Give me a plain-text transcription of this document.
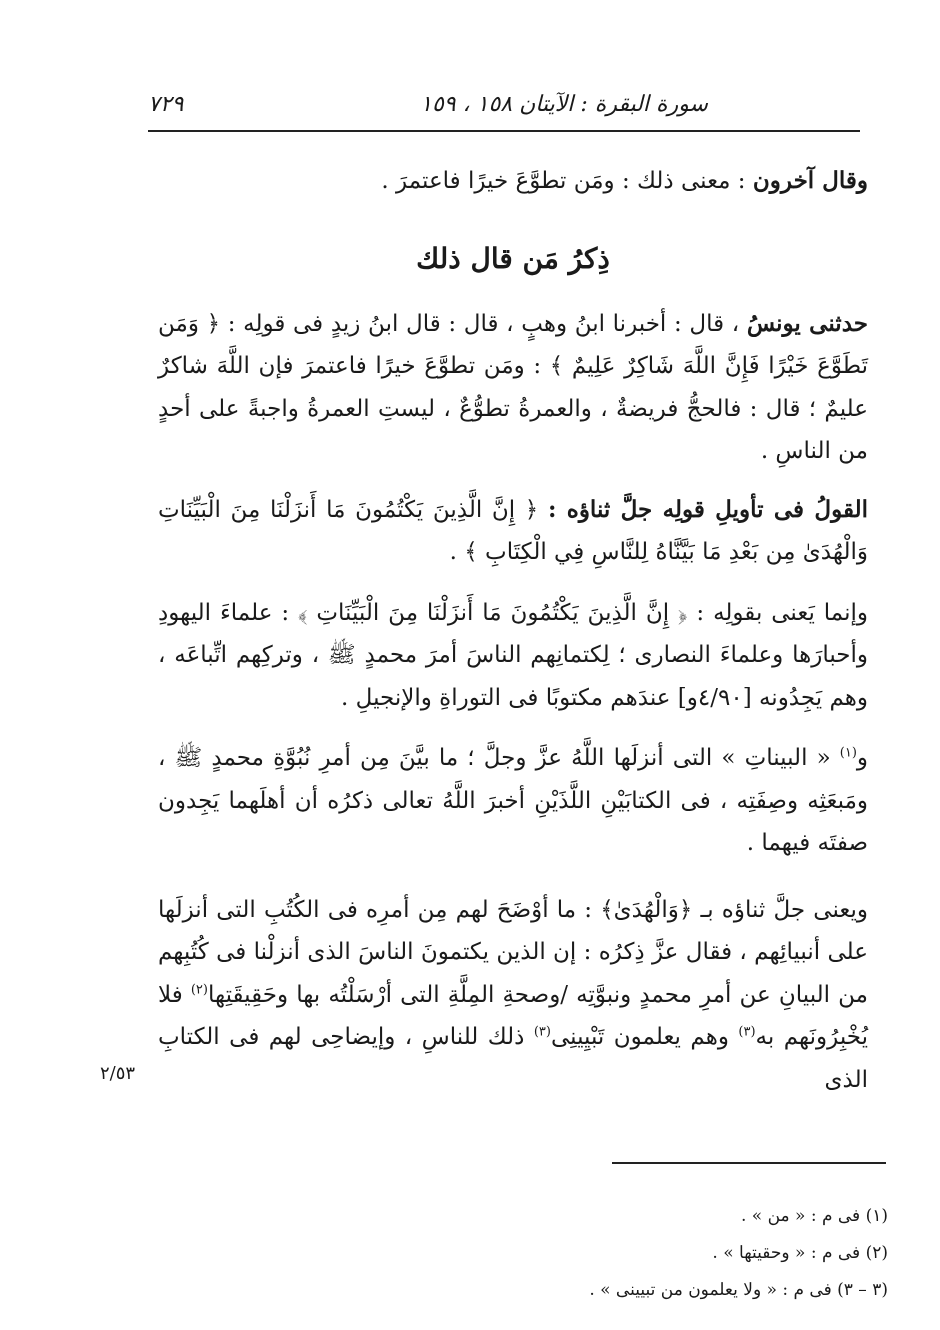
سورة البقرة : الآيتان ١٥٨ ، ١٥٩
٧٢٩

وقال آخرون : معنى ذلك : ومَن تطوَّعَ خيرًا فاعتمرَ .

ذِكرُ مَن قال ذلك

حدثنى يونسُ ، قال : أخبرنا ابنُ وهبٍ ، قال : قال ابنُ زيدٍ فى قولِه : ﴿ وَمَن تَطَوَّعَ خَيْرًا فَإِنَّ اللَّهَ شَاكِرٌ عَلِيمٌ ﴾ : ومَن تطوَّعَ خيرًا فاعتمرَ فإن اللَّهَ شاكرٌ عليمٌ ؛ قال : فالحجُّ فريضةٌ ، والعمرةُ تطوُّعٌ ، ليستِ العمرةُ واجبةً على أحدٍ من الناسِ .

القولُ فى تأويلِ قولِه جلَّ ثناؤه : ﴿ إِنَّ الَّذِينَ يَكْتُمُونَ مَا أَنزَلْنَا مِنَ الْبَيِّنَاتِ وَالْهُدَىٰ مِن بَعْدِ مَا بَيَّنَّاهُ لِلنَّاسِ فِي الْكِتَابِ ﴾ .

وإنما يَعنى بقولِه : ﴿ إِنَّ الَّذِينَ يَكْتُمُونَ مَا أَنزَلْنَا مِنَ الْبَيِّنَاتِ ﴾ : علماءَ اليهودِ وأحبارَها وعلماءَ النصارى ؛ لِكتمانِهم الناسَ أمرَ محمدٍ ﷺ ، وتركِهم اتِّباعَه ، وهم يَجِدُونه [٤/٩٠و] عندَهم مكتوبًا فى التوراةِ والإنجيلِ .

و$^{(١)}$ « البيناتِ » التى أنزلَها اللَّهُ عزَّ وجلَّ ؛ ما بيَّنَ مِن أمرِ نُبُوَّةِ محمدٍ ﷺ ، ومَبعَثِه وصِفَتِه ، فى الكتابَيْنِ اللَّذَيْنِ أخبرَ اللَّهُ تعالى ذكرُه أن أهلَهما يَجِدون صفتَه فيهما .

ويعنى جلَّ ثناؤه بـ ﴿وَالْهُدَىٰ﴾ : ما أوْضَحَ لهم مِن أمرِه فى الكُتُبِ التى أنزلَها على أنبيائِهم ، فقال عزَّ ذِكرُه : إن الذين يكتمونَ الناسَ الذى أنزلْنا فى كُتُبِهم من البيانِ عن أمرِ محمدٍ ونبوَّتِه /وصحةِ المِلَّةِ التى أرْسَلْتُه بها وحَقِيقَتِها$^{(٢)}$ فلا يُخْبِرُونَهم به$^{(٣)}$ وهم يعلمون تَبْيِينِى$^{(٣)}$ ذلك للناسِ ، وإيضاحِى لهم فى الكتابِ الذى

٢/٥٣

(١) فى م : « من » .

(٢) فى م : « وحقيتها » .

(٣ – ٣) فى م : « ولا يعلمون من تبيينى » .
